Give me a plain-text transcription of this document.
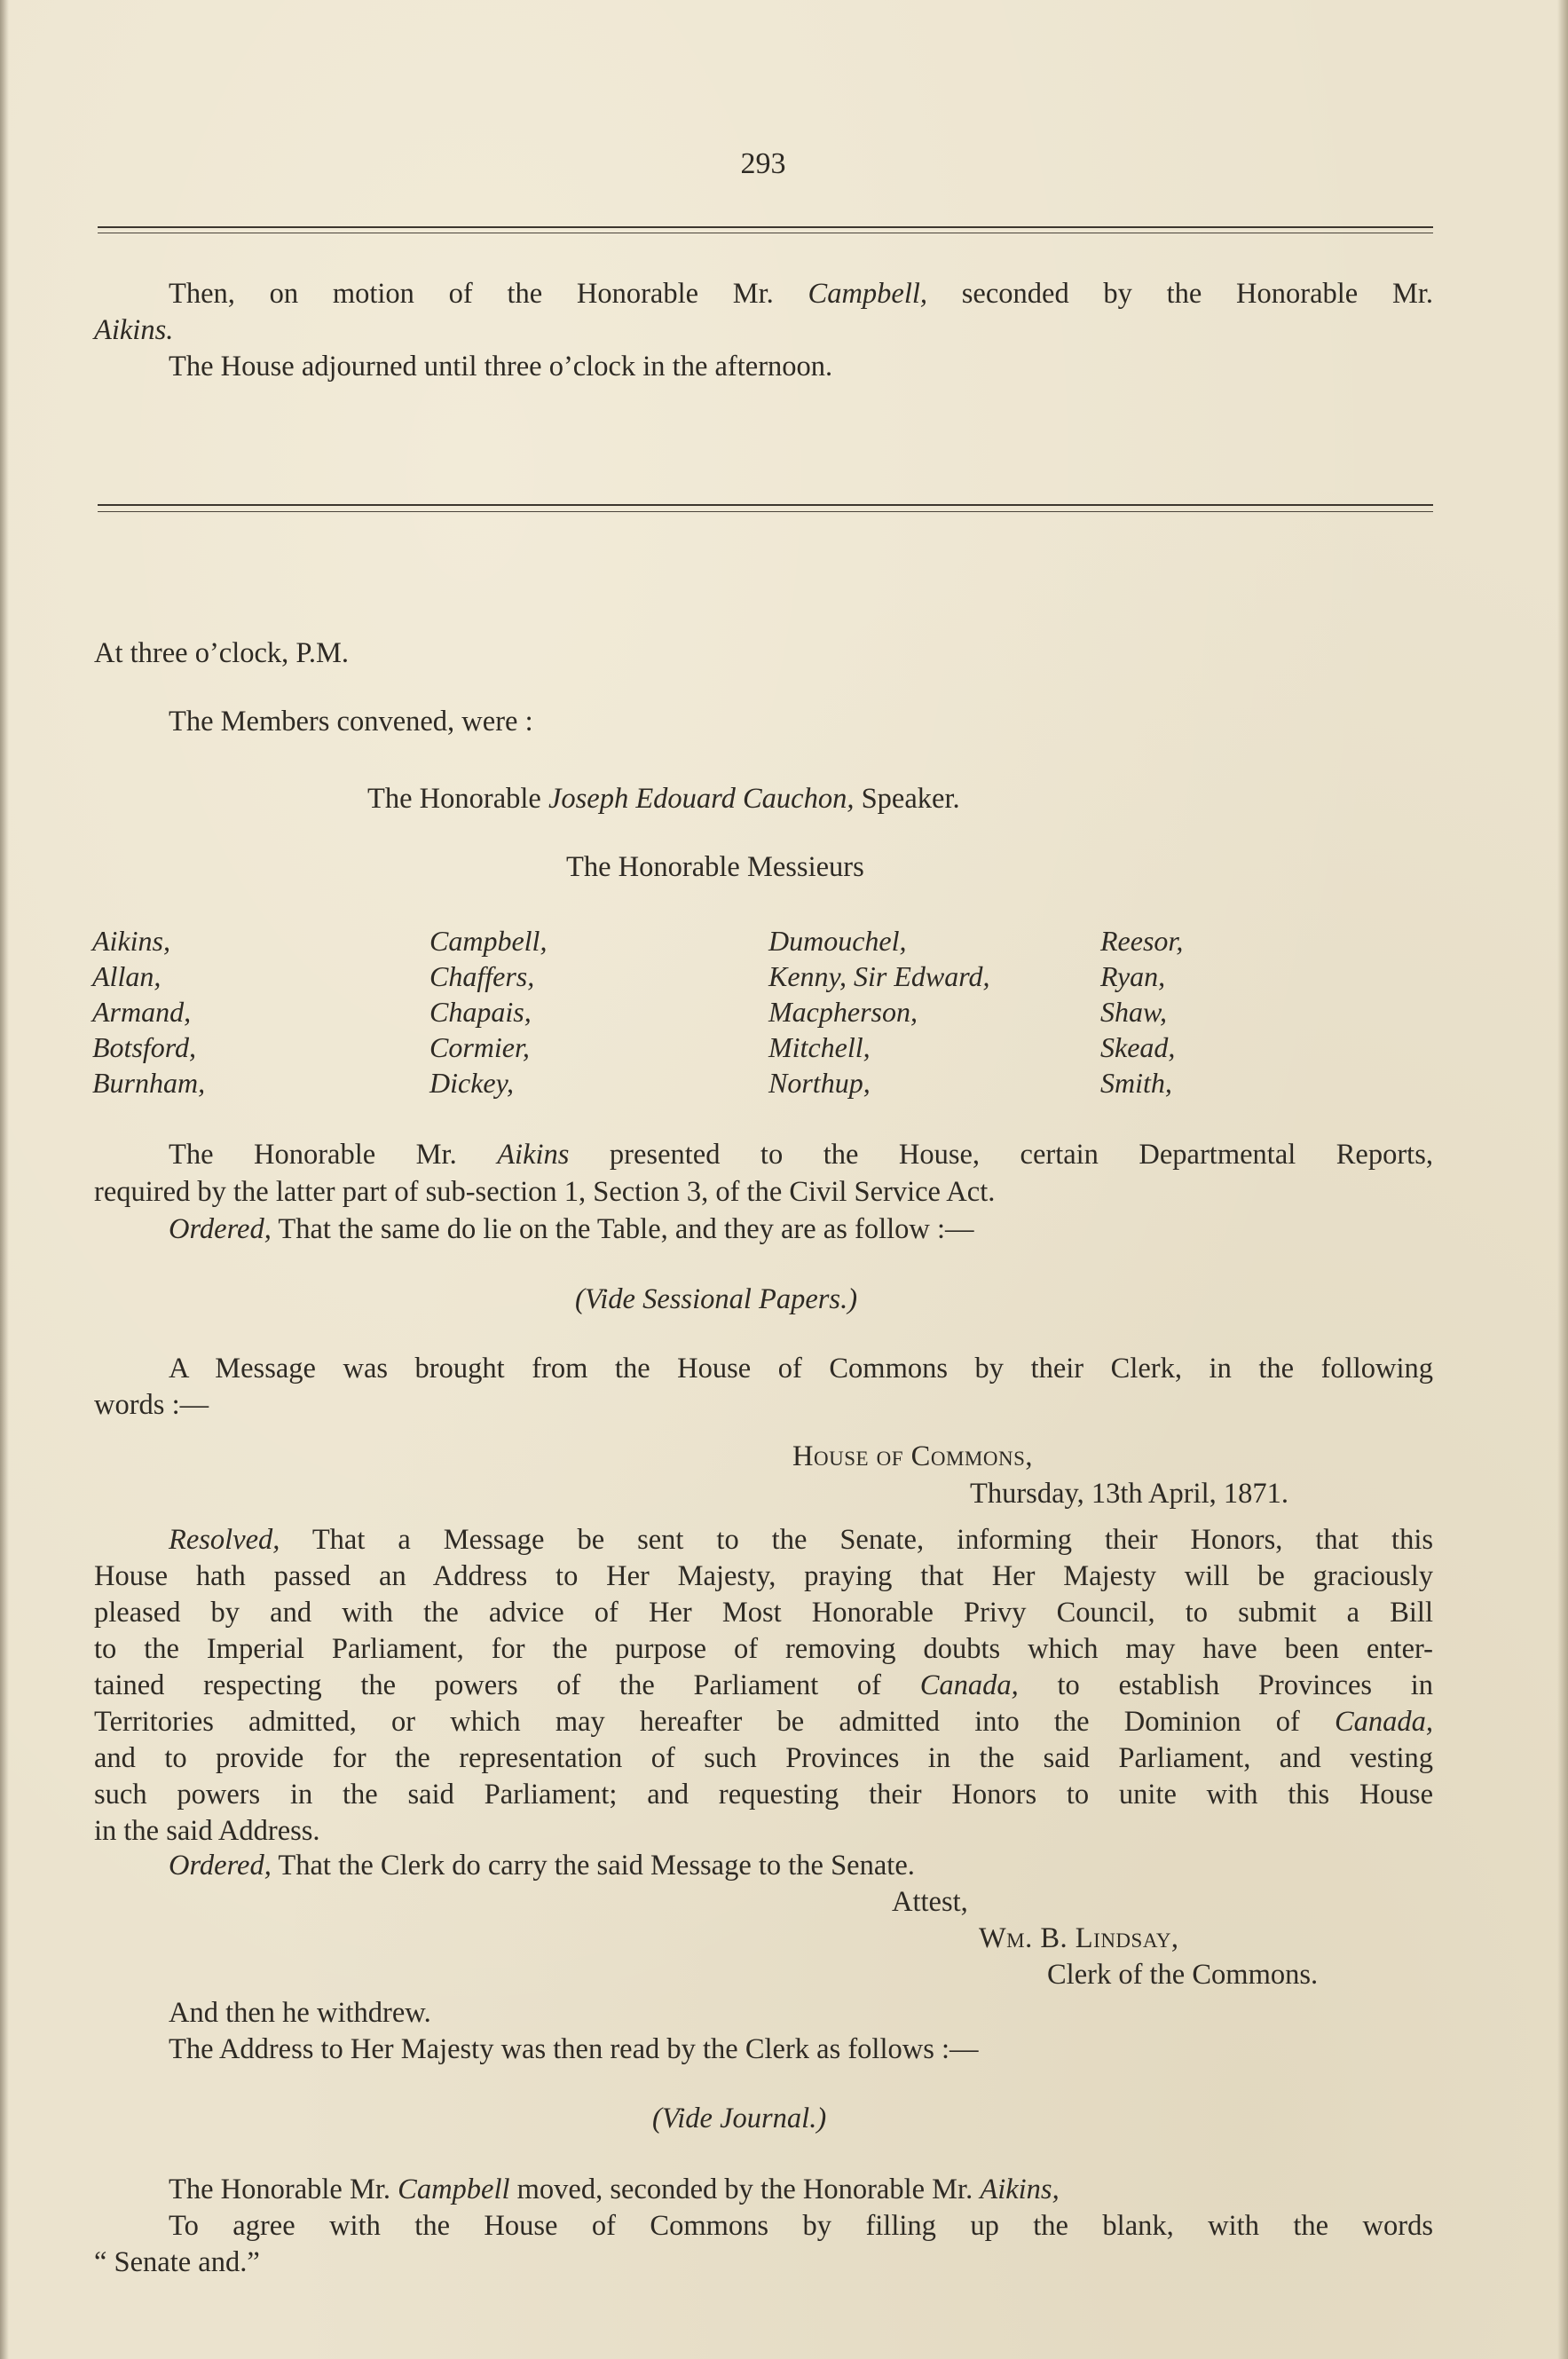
293
Then, on motion of the Honorable Mr. Campbell, seconded by the Honorable Mr.
Aikins.
The House adjourned until three o’clock in the afternoon.
At three o’clock, P.M.
The Members convened, were :
The Honorable Joseph Edouard Cauchon, Speaker.
The Honorable Messieurs
Aikins,
Allan,
Armand,
Botsford,
Burnham,
Campbell,
Chaffers,
Chapais,
Cormier,
Dickey,
Dumouchel,
Kenny, Sir Edward,
Macpherson,
Mitchell,
Northup,
Reesor,
Ryan,
Shaw,
Skead,
Smith,
The Honorable Mr. Aikins presented to the House, certain Departmental Reports,
required by the latter part of sub-section 1, Section 3, of the Civil Service Act.
Ordered, That the same do lie on the Table, and they are as follow :—
(Vide Sessional Papers.)
A Message was brought from the House of Commons by their Clerk, in the following
words :—
House of Commons,
Thursday, 13th April, 1871.
Resolved, That a Message be sent to the Senate, informing their Honors, that this
House hath passed an Address to Her Majesty, praying that Her Majesty will be graciously
pleased by and with the advice of Her Most Honorable Privy Council, to submit a Bill
to the Imperial Parliament, for the purpose of removing doubts which may have been enter-
tained respecting the powers of the Parliament of Canada, to establish Provinces in
Territories admitted, or which may hereafter be admitted into the Dominion of Canada,
and to provide for the representation of such Provinces in the said Parliament, and vesting
such powers in the said Parliament; and requesting their Honors to unite with this House
in the said Address.
Ordered, That the Clerk do carry the said Message to the Senate.
Attest,
Wm. B. Lindsay,
Clerk of the Commons.
And then he withdrew.
The Address to Her Majesty was then read by the Clerk as follows :—
(Vide Journal.)
The Honorable Mr. Campbell moved, seconded by the Honorable Mr. Aikins,
To agree with the House of Commons by filling up the blank, with the words
“ Senate and.”
